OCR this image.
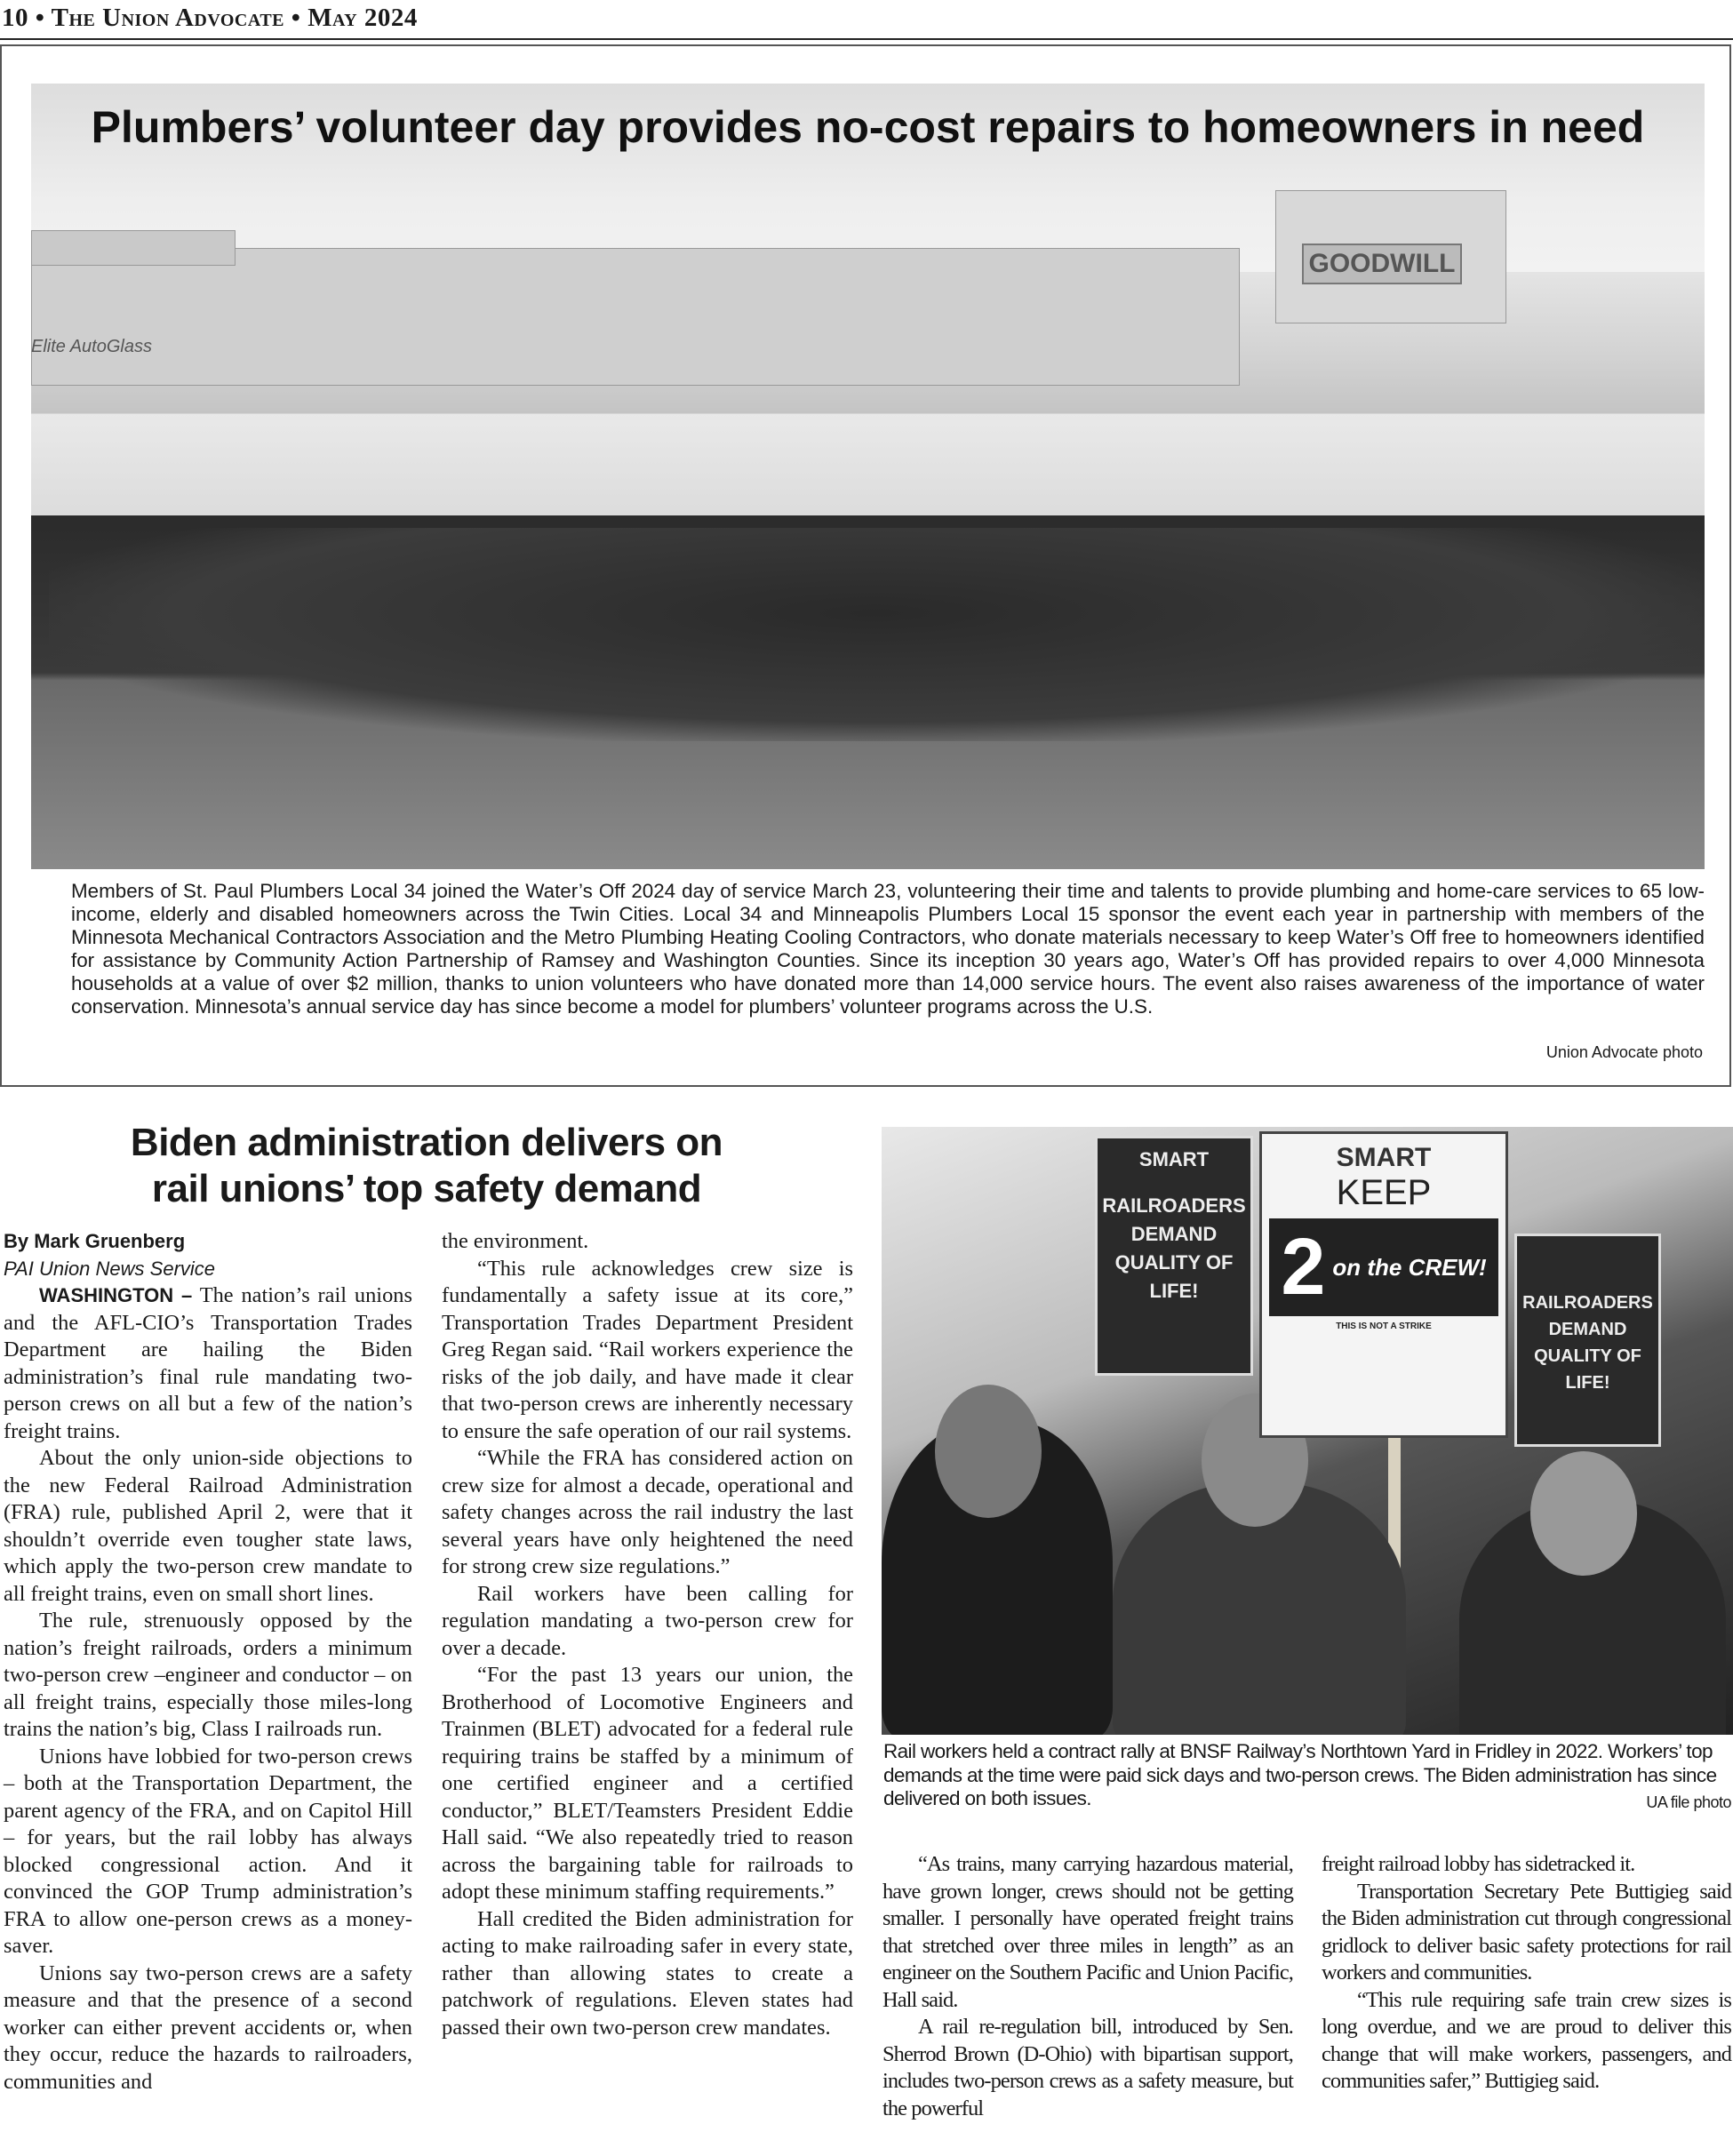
10 • The Union Advocate • May 2024
GOODWILL
Elite AutoGlass
Plumbers’ volunteer day provides no-cost repairs to homeowners in need
Members of St. Paul Plumbers Local 34 joined the Water’s Off 2024 day of service March 23, volunteering their time and talents to provide plumbing and home-care services to 65 low-income, elderly and disabled homeowners across the Twin Cities. Local 34 and Minneapolis Plumbers Local 15 sponsor the event each year in partnership with members of the Minnesota Mechanical Contractors Association and the Metro Plumbing Heating Cooling Contractors, who donate materials necessary to keep Water’s Off free to homeowners identified for assistance by Community Action Partnership of Ramsey and Washington Counties. Since its inception 30 years ago, Water’s Off has provided repairs to over 4,000 Minnesota households at a value of over $2 million, thanks to union volunteers who have donated more than 14,000 service hours. The event also raises awareness of the importance of water conservation. Minnesota’s annual service day has since become a model for plumbers’ volunteer programs across the U.S.
Union Advocate photo
Biden administration delivers on
rail unions’ top safety demand

By Mark Gruenberg

PAI Union News Service

WASHINGTON – The nation’s rail unions and the AFL-CIO’s Transportation Trades Department are hailing the Biden administration’s final rule mandating two-person crews on all but a few of the nation’s freight trains.

About the only union-side objections to the new Federal Railroad Administration (FRA) rule, published April 2, were that it shouldn’t override even tougher state laws, which apply the two-person crew mandate to all freight trains, even on small short lines.

The rule, strenuously opposed by the nation’s freight railroads, orders a minimum two-person crew –engineer and conductor – on all freight trains, especially those miles-long trains the nation’s big, Class I railroads run.

Unions have lobbied for two-person crews – both at the Transportation Department, the parent agency of the FRA, and on Capitol Hill – for years, but the rail lobby has always blocked congressional action. And it convinced the GOP Trump administration’s FRA to allow one-person crews as a money-saver.

Unions say two-person crews are a safety measure and that the presence of a second worker can either prevent accidents or, when they occur, reduce the hazards to railroaders, communities and

the environment.

“This rule acknowledges crew size is fundamentally a safety issue at its core,” Transportation Trades Department President Greg Regan said. “Rail workers experience the risks of the job daily, and have made it clear that two-person crews are inherently necessary to ensure the safe operation of our rail systems.

“While the FRA has considered action on crew size for almost a decade, operational and safety changes across the rail industry the last several years have only heightened the need for strong crew size regulations.”

Rail workers have been calling for regulation mandating a two-person crew for over a decade.

“For the past 13 years our union, the Brotherhood of Locomotive Engineers and Trainmen (BLET) advocated for a federal rule requiring trains be staffed by a minimum of one certified engineer and a certified conductor,” BLET/Teamsters President Eddie Hall said. “We also repeatedly tried to reason across the bargaining table for railroads to adopt these minimum staffing requirements.”

Hall credited the Biden administration for acting to make railroading safer in every state, rather than allowing states to create a patchwork of regulations. Eleven states had passed their own two-person crew mandates.

SMART
RAILROADERS DEMAND QUALITY OF LIFE!
SMART
KEEP
2 on the CREW!
THIS IS NOT A STRIKE
RAILROADERS DEMAND QUALITY OF LIFE!
Rail workers held a contract rally at BNSF Railway’s Northtown Yard in Fridley in 2022. Workers’ top demands at the time were paid sick days and two-person crews. The Biden administration has since delivered on both issues.	UA file photo

“As trains, many carrying hazardous material, have grown longer, crews should not be getting smaller. I personally have operated freight trains that stretched over three miles in length” as an engineer on the Southern Pacific and Union Pacific, Hall said.

A rail re-regulation bill, introduced by Sen. Sherrod Brown (D-Ohio) with bipartisan support, includes two-person crews as a safety measure, but the powerful

freight railroad lobby has sidetracked it.

Transportation Secretary Pete Buttigieg said the Biden administration cut through congressional gridlock to deliver basic safety protections for rail workers and communities.

“This rule requiring safe train crew sizes is long overdue, and we are proud to deliver this change that will make workers, passengers, and communities safer,” Buttigieg said.
